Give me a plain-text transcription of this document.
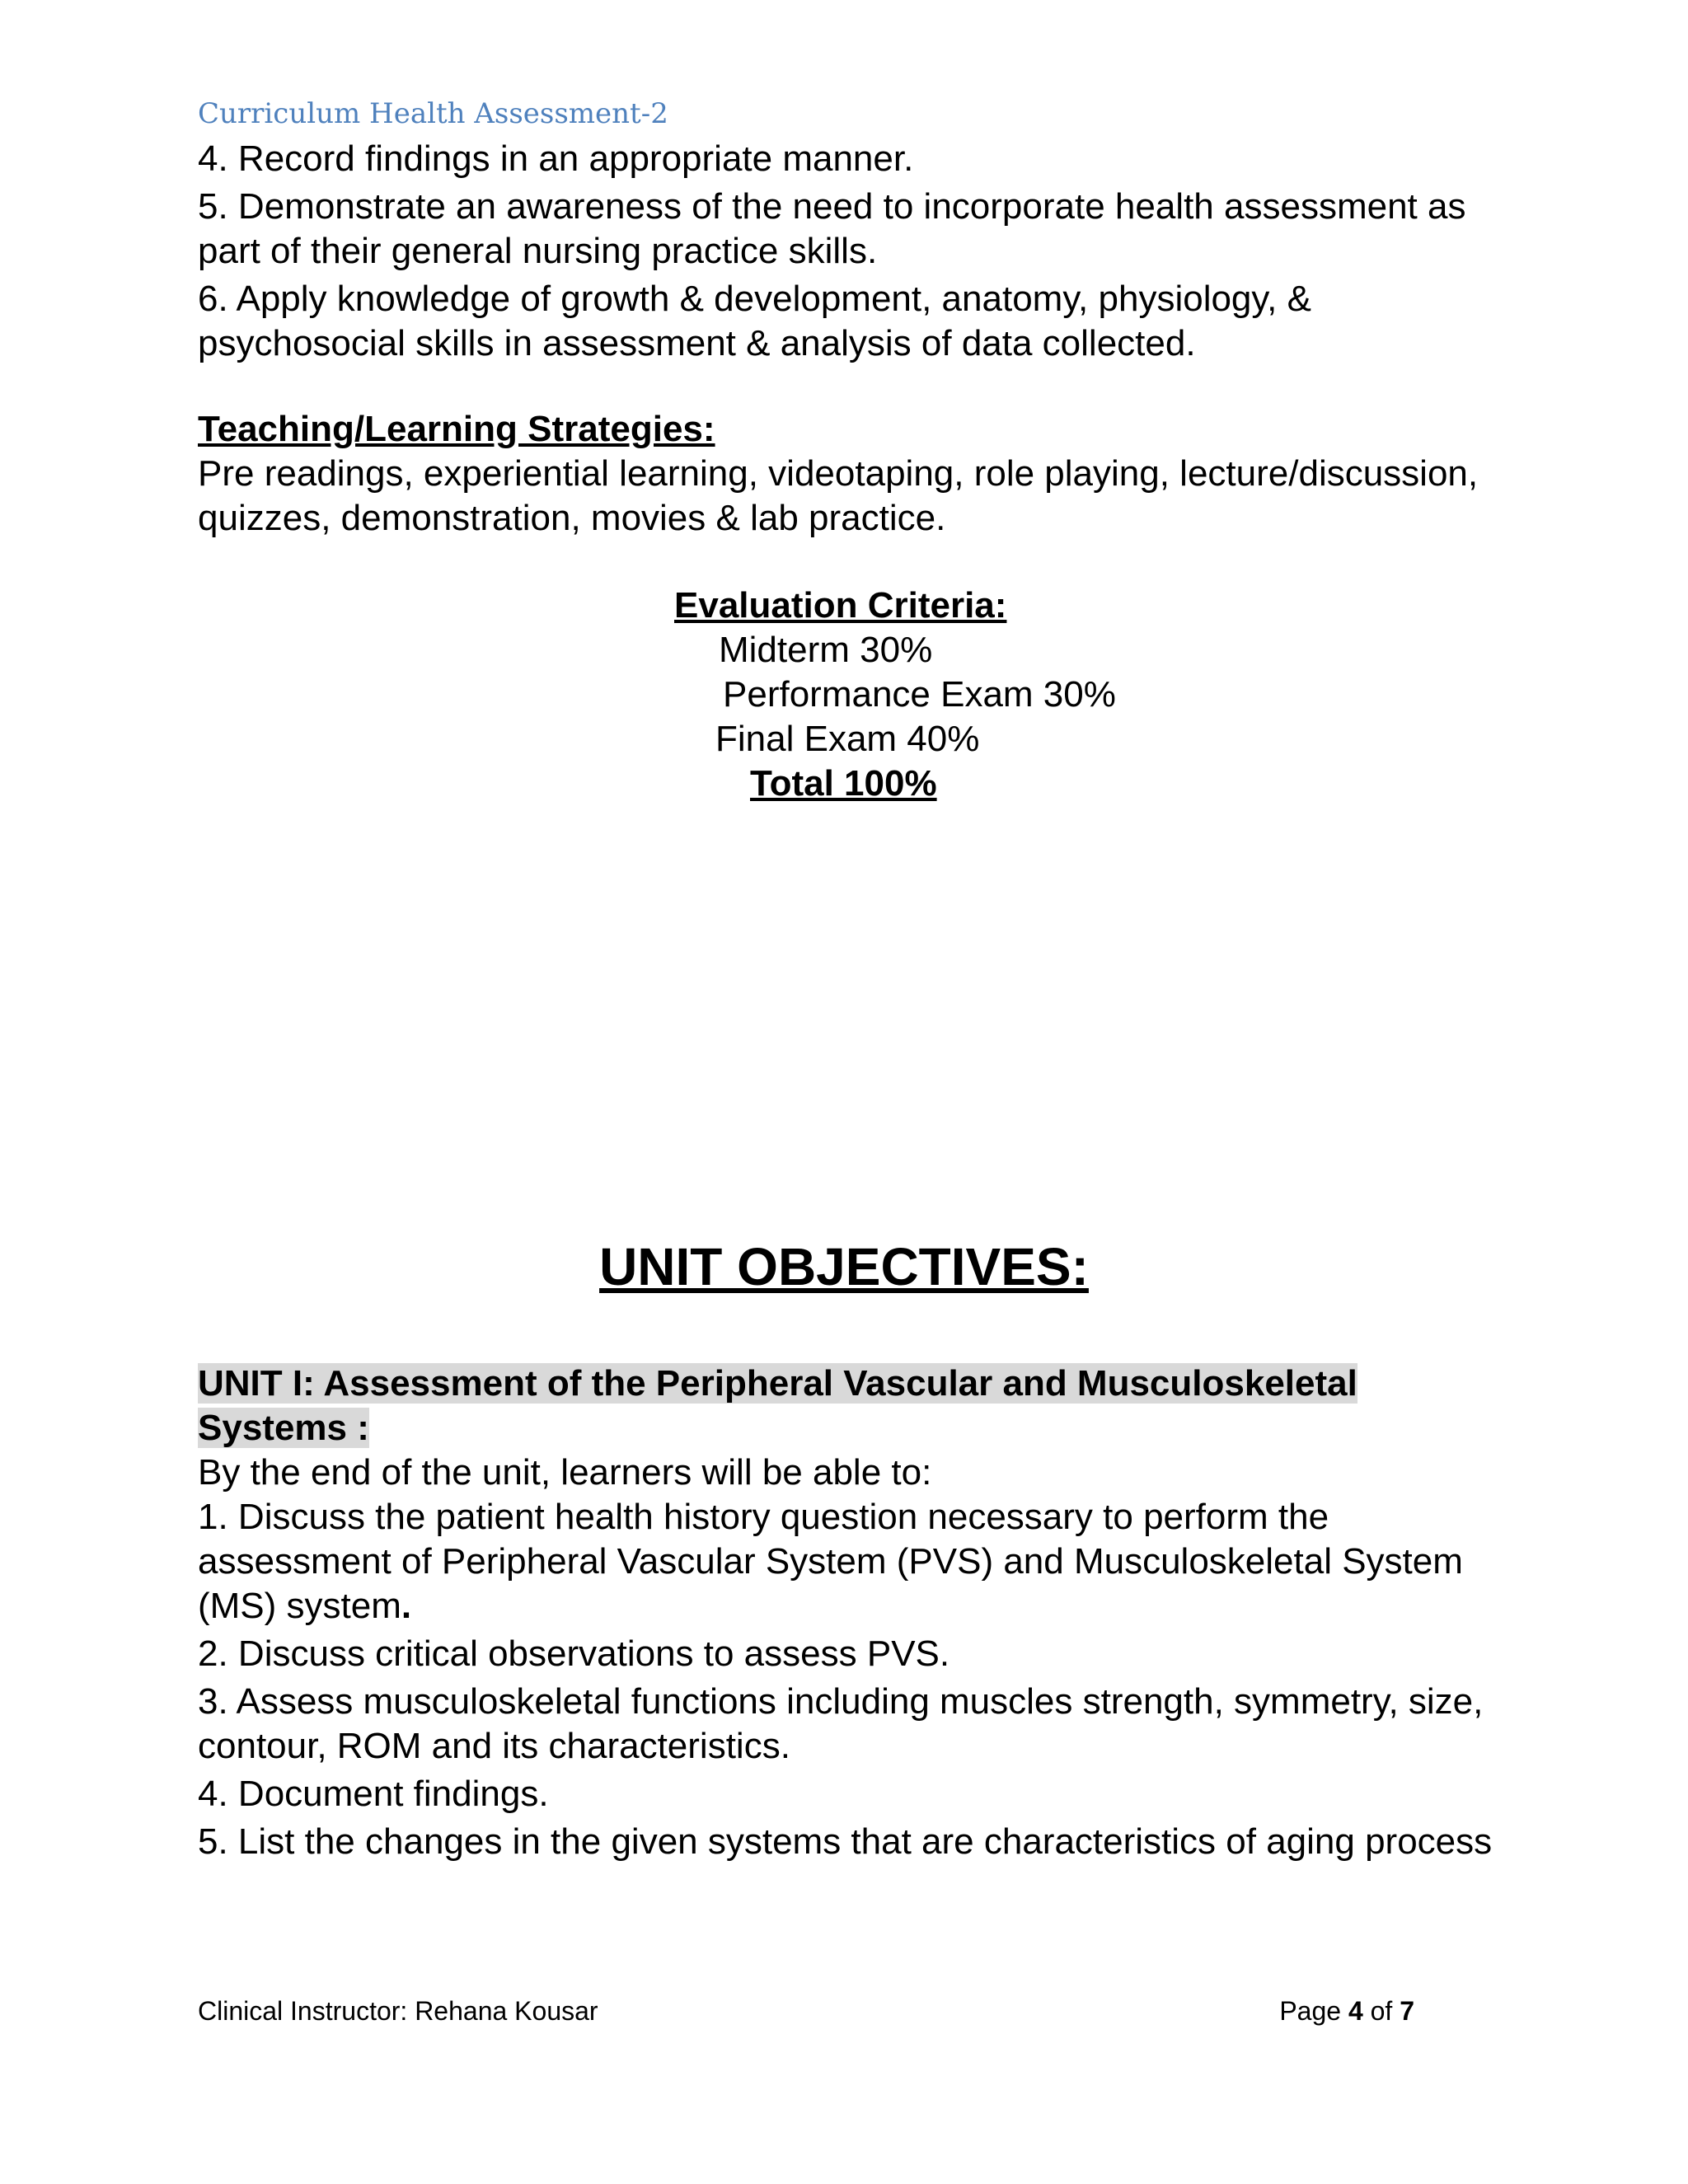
Curriculum Health Assessment-2

4. Record findings in an appropriate manner.

5. Demonstrate an awareness of the need to incorporate health assessment as part of their general nursing practice skills.

6. Apply knowledge of growth & development, anatomy, physiology, & psychosocial skills in assessment & analysis of data collected.

Teaching/Learning Strategies:
Pre readings, experiential learning, videotaping, role playing, lecture/discussion, quizzes, demonstration, movies & lab practice.
Evaluation Criteria:
Midterm 30%
Performance Exam 30%
Final Exam 40%
Total 100%
UNIT OBJECTIVES:
UNIT I: Assessment of the Peripheral Vascular and Musculoskeletal
Systems :
By the end of the unit, learners will be able to:

1. Discuss the patient health history question necessary to perform the assessment of Peripheral Vascular System (PVS) and Musculoskeletal System (MS) system.

2. Discuss critical observations to assess PVS.

3. Assess musculoskeletal functions including muscles strength, symmetry, size, contour, ROM and its characteristics.

4. Document findings.

5. List the changes in the given systems that are characteristics of aging process

Clinical Instructor: Rehana Kousar	Page 4 of 7
